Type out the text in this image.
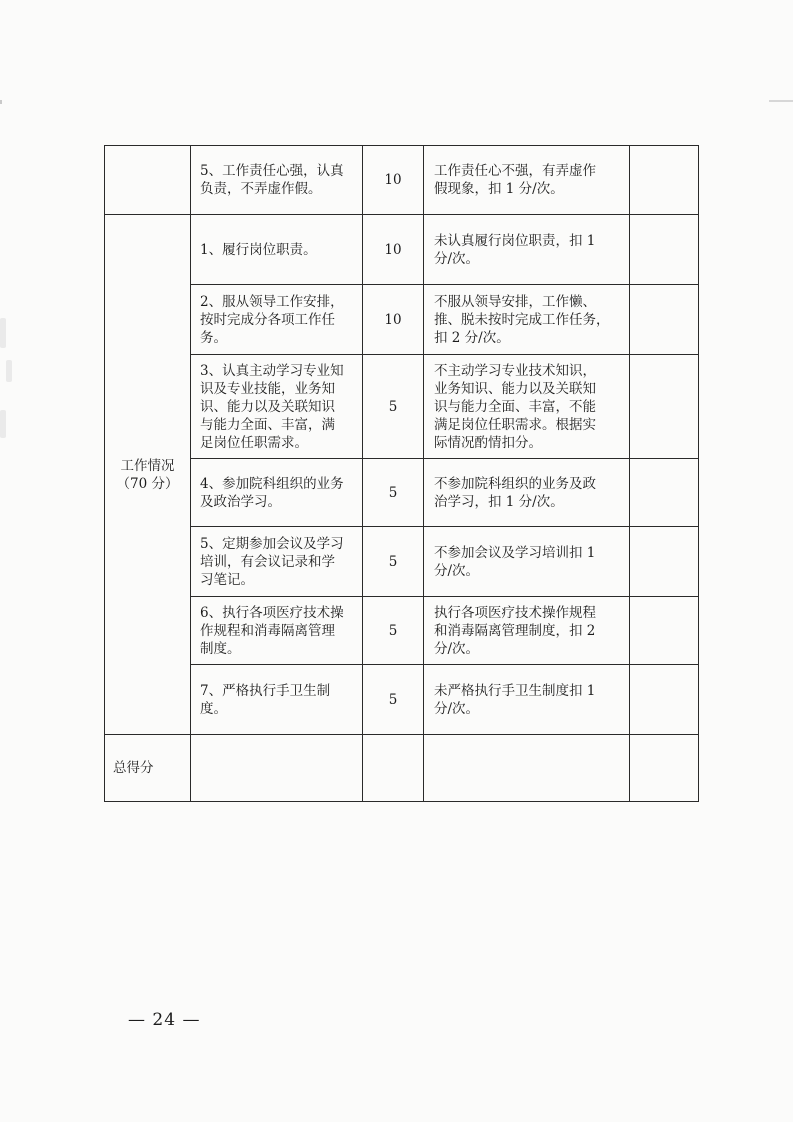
	5、工作责任心强，认真
负责，不弄虚作假。	10	工作责任心不强，有弄虚作
假现象，扣 1 分/次。	
工作情况
（70 分）	1、履行岗位职责。	10	未认真履行岗位职责，扣 1
分/次。	
	2、服从领导工作安排，
按时完成分各项工作任
务。	10	不服从领导安排，工作懒、
推、脱未按时完成工作任务，
扣 2 分/次。	
	3、认真主动学习专业知
识及专业技能，业务知
识、能力以及关联知识
与能力全面、丰富，满
足岗位任职需求。	5	不主动学习专业技术知识，
业务知识、能力以及关联知
识与能力全面、丰富，不能
满足岗位任职需求。根据实
际情况酌情扣分。	
	4、参加院科组织的业务
及政治学习。	5	不参加院科组织的业务及政
治学习，扣 1 分/次。	
	5、定期参加会议及学习
培训，有会议记录和学
习笔记。	5	不参加会议及学习培训扣 1
分/次。	
	6、执行各项医疗技术操
作规程和消毒隔离管理
制度。	5	执行各项医疗技术操作规程
和消毒隔离管理制度，扣 2
分/次。	
	7、严格执行手卫生制
度。	5	未严格执行手卫生制度扣 1
分/次。	
总得分				
— 24 —
